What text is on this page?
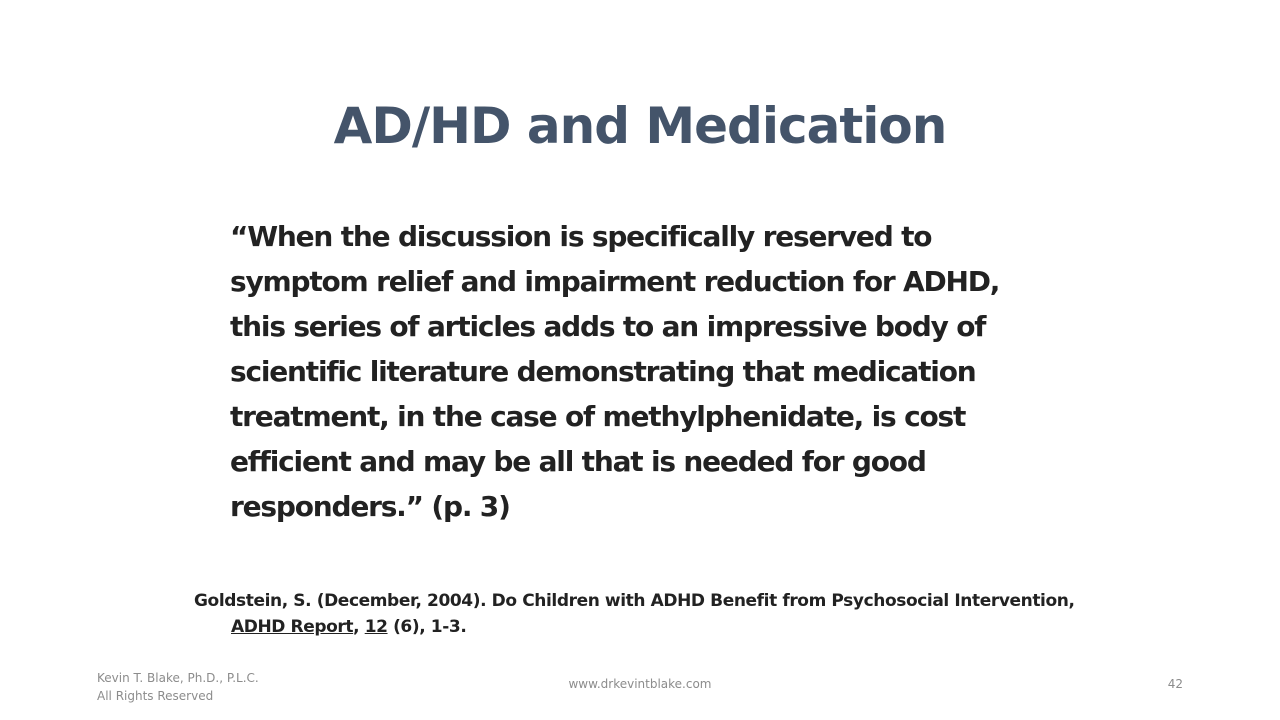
AD/HD and Medication
“When the discussion is specifically reserved to symptom relief and impairment reduction for ADHD, this series of articles adds to an impressive body of scientific literature demonstrating that medication treatment, in the case of methylphenidate, is cost efficient and may be all that is needed for good responders.” (p. 3)
Goldstein, S. (December, 2004). Do Children with ADHD Benefit from Psychosocial Intervention, ADHD Report, 12 (6), 1-3.
Kevin T. Blake, Ph.D., P.L.C.
All Rights Reserved
www.drkevintblake.com	42
